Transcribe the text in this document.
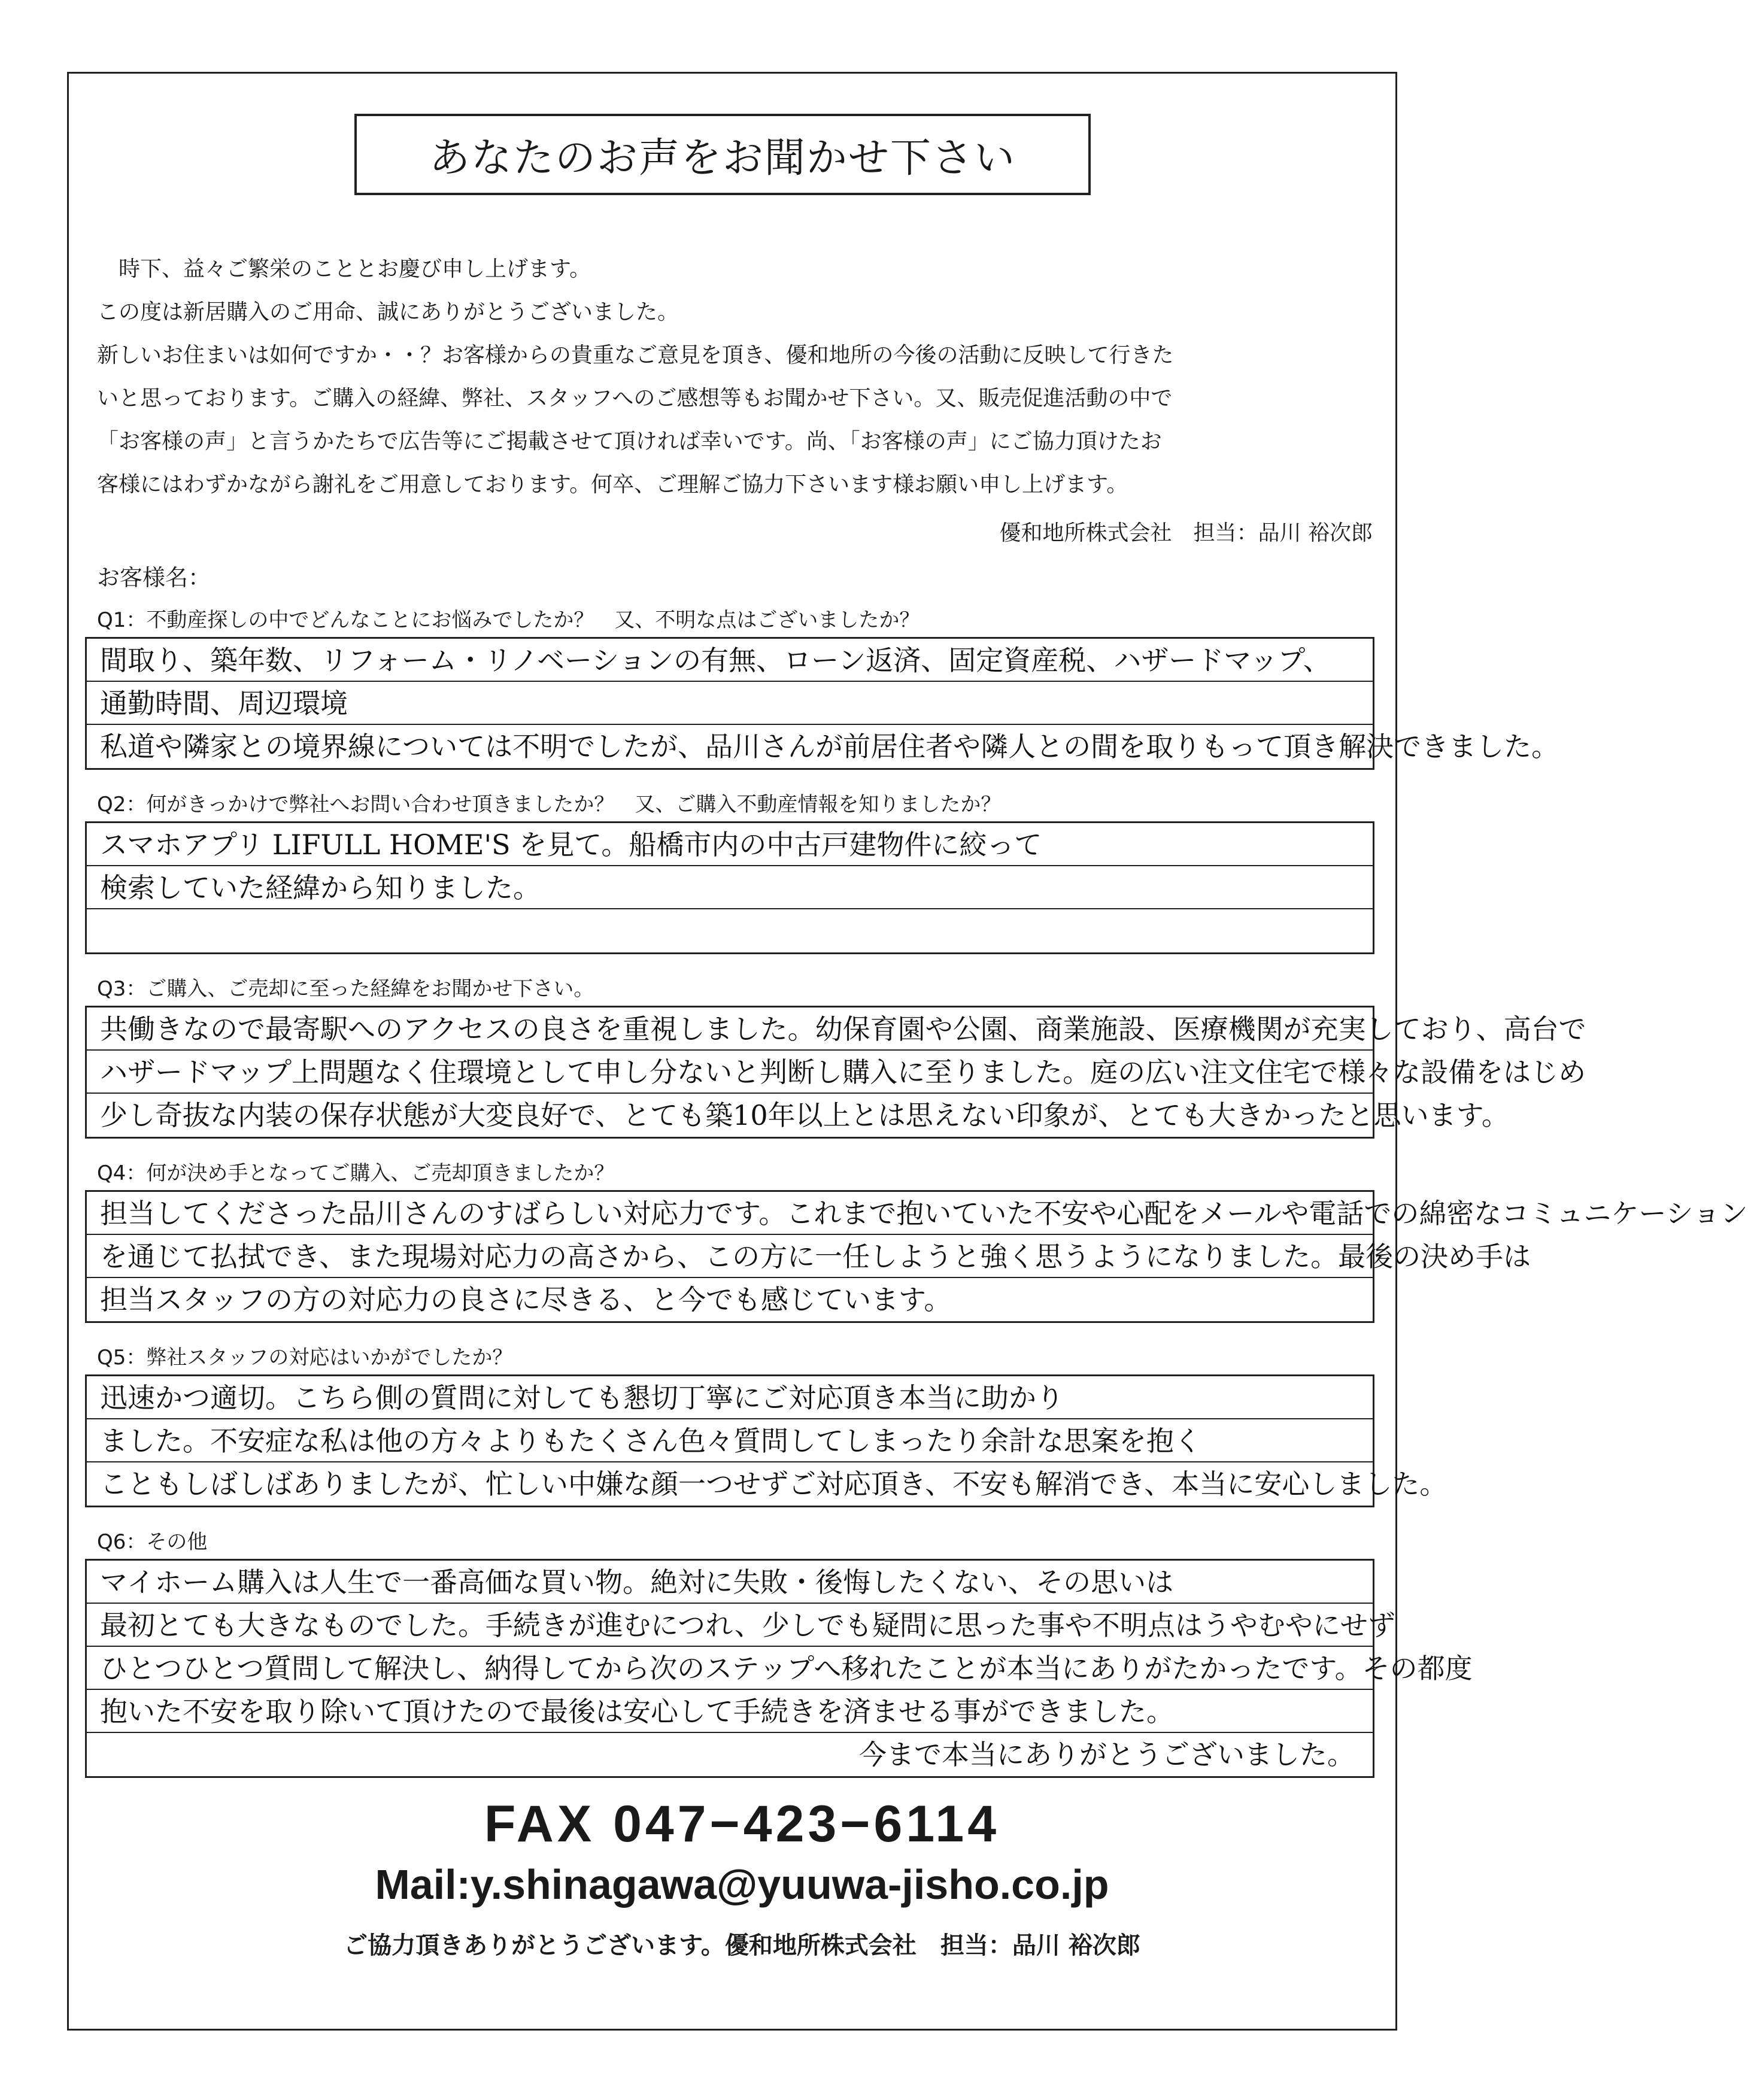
あなたのお声をお聞かせ下さい

時下、益々ご繁栄のこととお慶び申し上げます。

この度は新居購入のご用命、誠にありがとうございました。

新しいお住まいは如何ですか・・？お客様からの貴重なご意見を頂き、優和地所の今後の活動に反映して行きた

いと思っております。ご購入の経緯、弊社、スタッフへのご感想等もお聞かせ下さい。又、販売促進活動の中で

「お客様の声」と言うかたちで広告等にご掲載させて頂ければ幸いです。尚、「お客様の声」にご協力頂けたお

客様にはわずかながら謝礼をご用意しております。何卒、ご理解ご協力下さいます様お願い申し上げます。

優和地所株式会社　担当：品川 裕次郎
お客様名：
Q1：不動産探しの中でどんなことにお悩みでしたか？　又、不明な点はございましたか？
間取り、築年数、リフォーム・リノベーションの有無、ローン返済、固定資産税、ハザードマップ、
通勤時間、周辺環境
私道や隣家との境界線については不明でしたが、品川さんが前居住者や隣人との間を取りもって頂き解決できました。
Q2：何がきっかけで弊社へお問い合わせ頂きましたか？　又、ご購入不動産情報を知りましたか？
スマホアプリ LIFULL HOME'S を見て。船橋市内の中古戸建物件に絞って
検索していた経緯から知りました。
Q3：ご購入、ご売却に至った経緯をお聞かせ下さい。
共働きなので最寄駅へのアクセスの良さを重視しました。幼保育園や公園、商業施設、医療機関が充実しており、高台で
ハザードマップ上問題なく住環境として申し分ないと判断し購入に至りました。庭の広い注文住宅で様々な設備をはじめ
少し奇抜な内装の保存状態が大変良好で、とても築10年以上とは思えない印象が、とても大きかったと思います。
Q4：何が決め手となってご購入、ご売却頂きましたか？
担当してくださった品川さんのすばらしい対応力です。これまで抱いていた不安や心配をメールや電話での綿密なコミュニケーション
を通じて払拭でき、また現場対応力の高さから、この方に一任しようと強く思うようになりました。最後の決め手は
担当スタッフの方の対応力の良さに尽きる、と今でも感じています。
Q5：弊社スタッフの対応はいかがでしたか？
迅速かつ適切。こちら側の質問に対しても懇切丁寧にご対応頂き本当に助かり
ました。不安症な私は他の方々よりもたくさん色々質問してしまったり余計な思案を抱く
こともしばしばありましたが、忙しい中嫌な顔一つせずご対応頂き、不安も解消でき、本当に安心しました。
Q6：その他
マイホーム購入は人生で一番高価な買い物。絶対に失敗・後悔したくない、その思いは
最初とても大きなものでした。手続きが進むにつれ、少しでも疑問に思った事や不明点はうやむやにせず
ひとつひとつ質問して解決し、納得してから次のステップへ移れたことが本当にありがたかったです。その都度
抱いた不安を取り除いて頂けたので最後は安心して手続きを済ませる事ができました。
今まで本当にありがとうございました。
FAX 047−423−6114
Mail:y.shinagawa@yuuwa-jisho.co.jp
ご協力頂きありがとうございます。優和地所株式会社　担当：品川 裕次郎
